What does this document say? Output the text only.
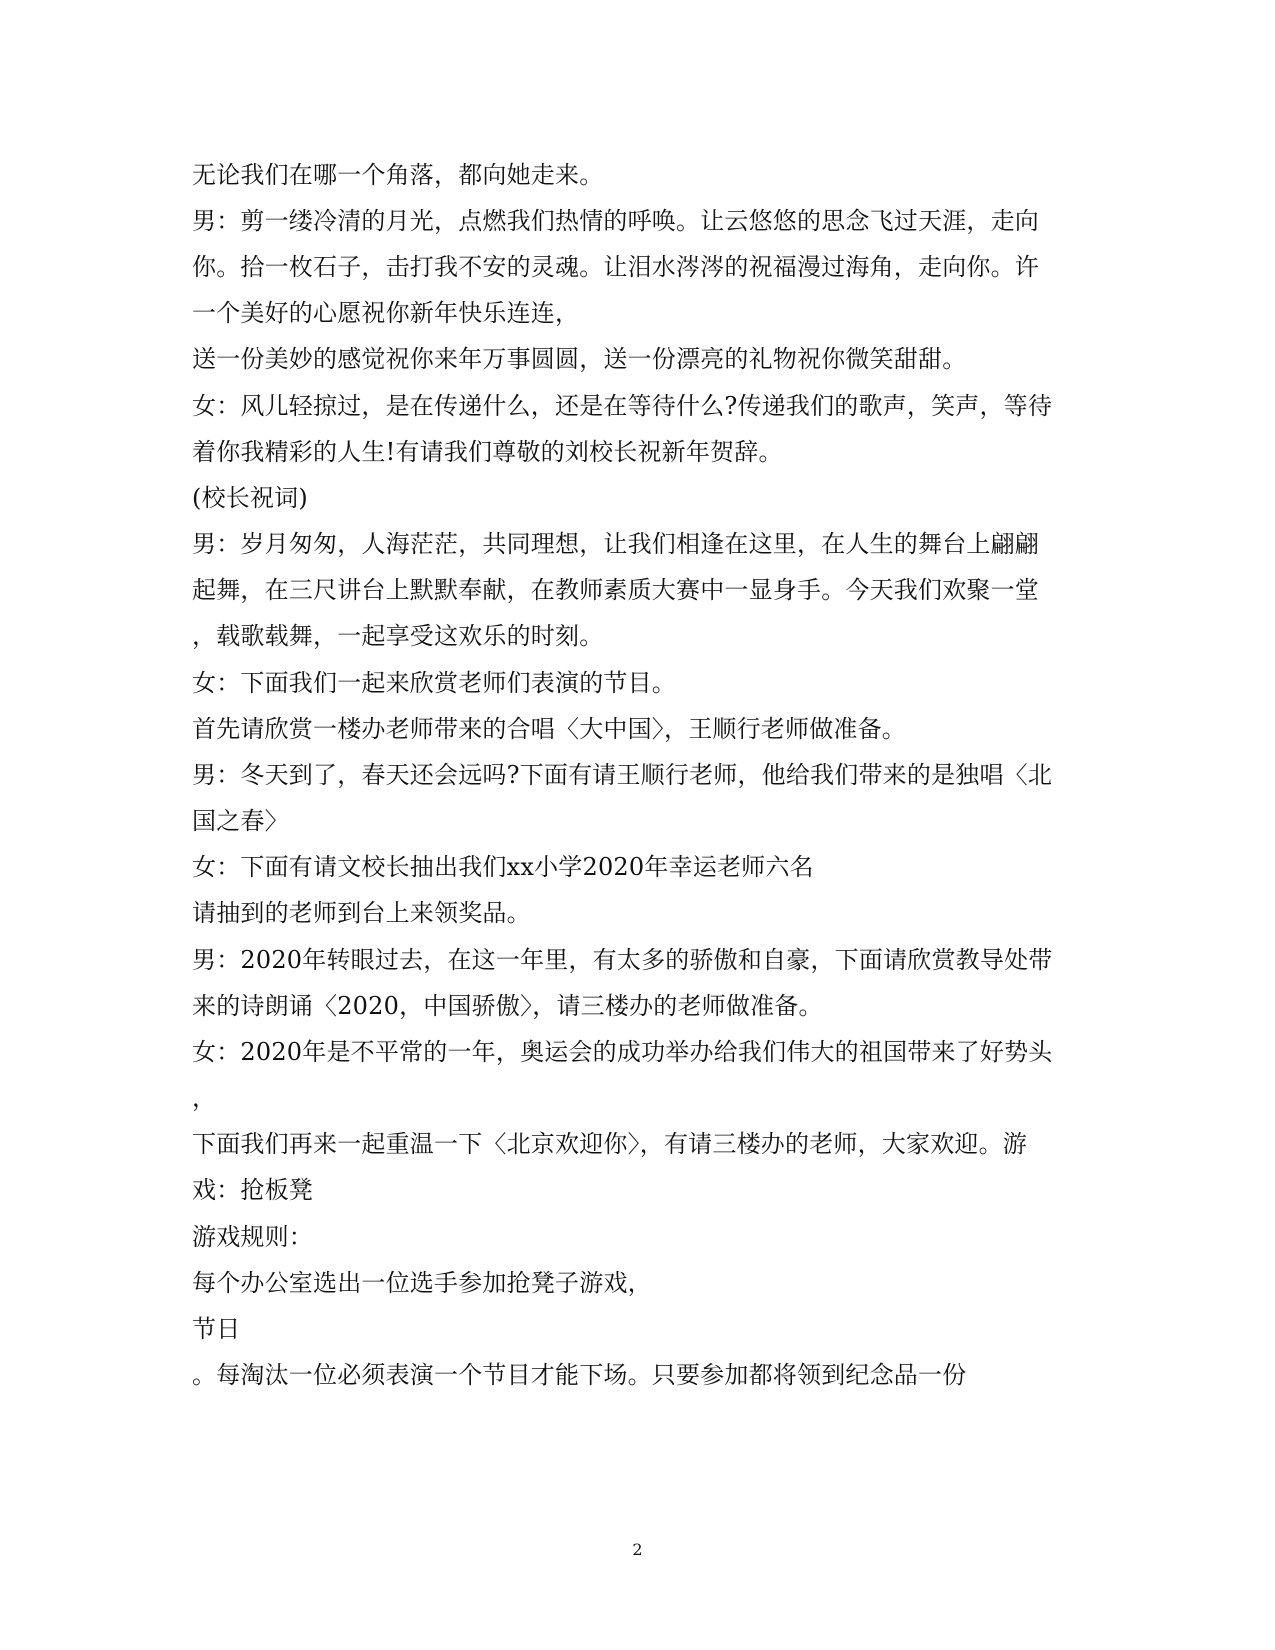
无论我们在哪一个角落，都向她走来。
男：剪一缕冷清的月光，点燃我们热情的呼唤。让云悠悠的思念飞过天涯，走向
你。拾一枚石子，击打我不安的灵魂。让泪水涔涔的祝福漫过海角，走向你。许
一个美好的心愿祝你新年快乐连连，
送一份美妙的感觉祝你来年万事圆圆，送一份漂亮的礼物祝你微笑甜甜。
女：风儿轻掠过，是在传递什么，还是在等待什么?传递我们的歌声，笑声，等待
着你我精彩的人生!有请我们尊敬的刘校长祝新年贺辞。
(校长祝词)
男：岁月匆匆，人海茫茫，共同理想，让我们相逢在这里，在人生的舞台上翩翩
起舞，在三尺讲台上默默奉献，在教师素质大赛中一显身手。今天我们欢聚一堂
，载歌载舞，一起享受这欢乐的时刻。
女：下面我们一起来欣赏老师们表演的节目。
首先请欣赏一楼办老师带来的合唱〈大中国〉，王顺行老师做准备。
男：冬天到了，春天还会远吗?下面有请王顺行老师，他给我们带来的是独唱〈北
国之春〉
女：下面有请文校长抽出我们xx小学2020年幸运老师六名
请抽到的老师到台上来领奖品。
男：2020年转眼过去，在这一年里，有太多的骄傲和自豪，下面请欣赏教导处带
来的诗朗诵〈2020，中国骄傲〉，请三楼办的老师做准备。
女：2020年是不平常的一年，奥运会的成功举办给我们伟大的祖国带来了好势头
，
下面我们再来一起重温一下〈北京欢迎你〉，有请三楼办的老师，大家欢迎。游
戏：抢板凳
游戏规则：
每个办公室选出一位选手参加抢凳子游戏，
节日
。每淘汰一位必须表演一个节目才能下场。只要参加都将领到纪念品一份
2
